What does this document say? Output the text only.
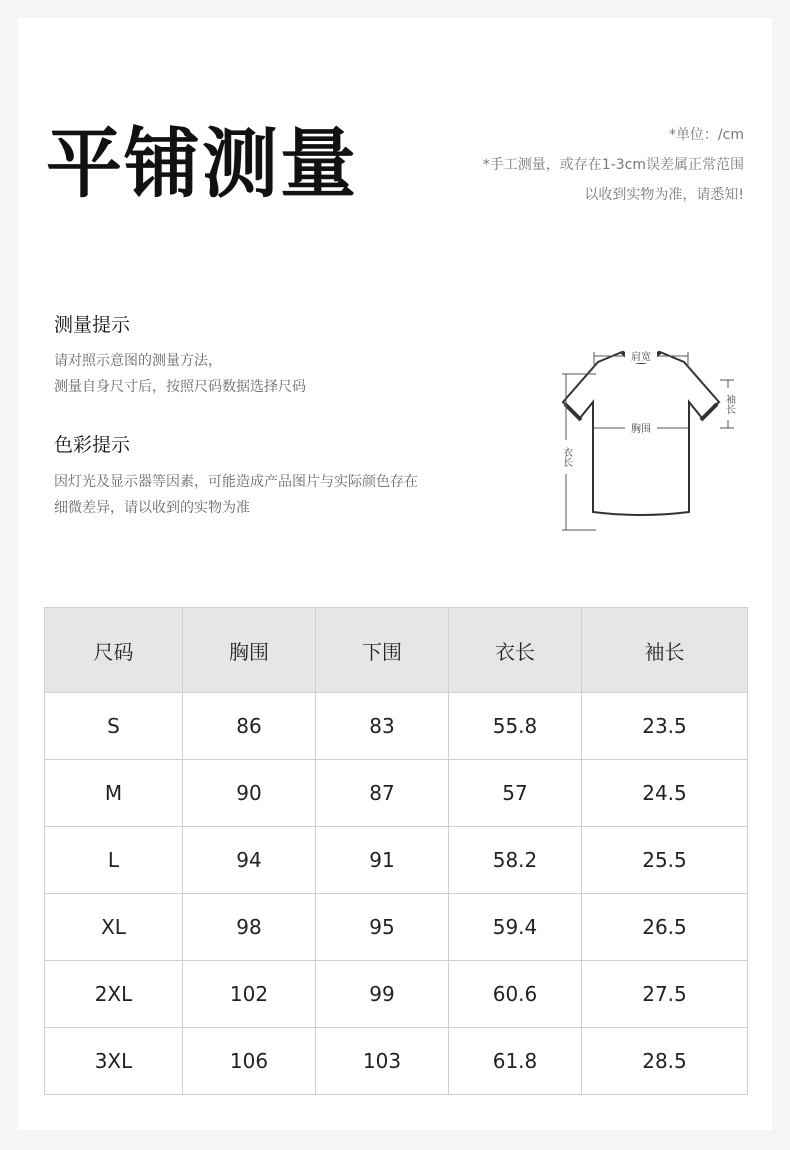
平铺测量	*单位：/cm
*手工测量，或存在1-3cm误差属正常范围
以收到实物为准，请悉知!
测量提示
请对照示意图的测量方法，
测量自身尺寸后，按照尺码数据选择尺码
色彩提示
因灯光及显示器等因素，可能造成产品图片与实际颜色存在
细微差异，请以收到的实物为准
肩宽
胸围
袖长
衣长
尺码	胸围	下围	衣长	袖长
S	86	83	55.8	23.5
M	90	87	57	24.5
L	94	91	58.2	25.5
XL	98	95	59.4	26.5
2XL	102	99	60.6	27.5
3XL	106	103	61.8	28.5
